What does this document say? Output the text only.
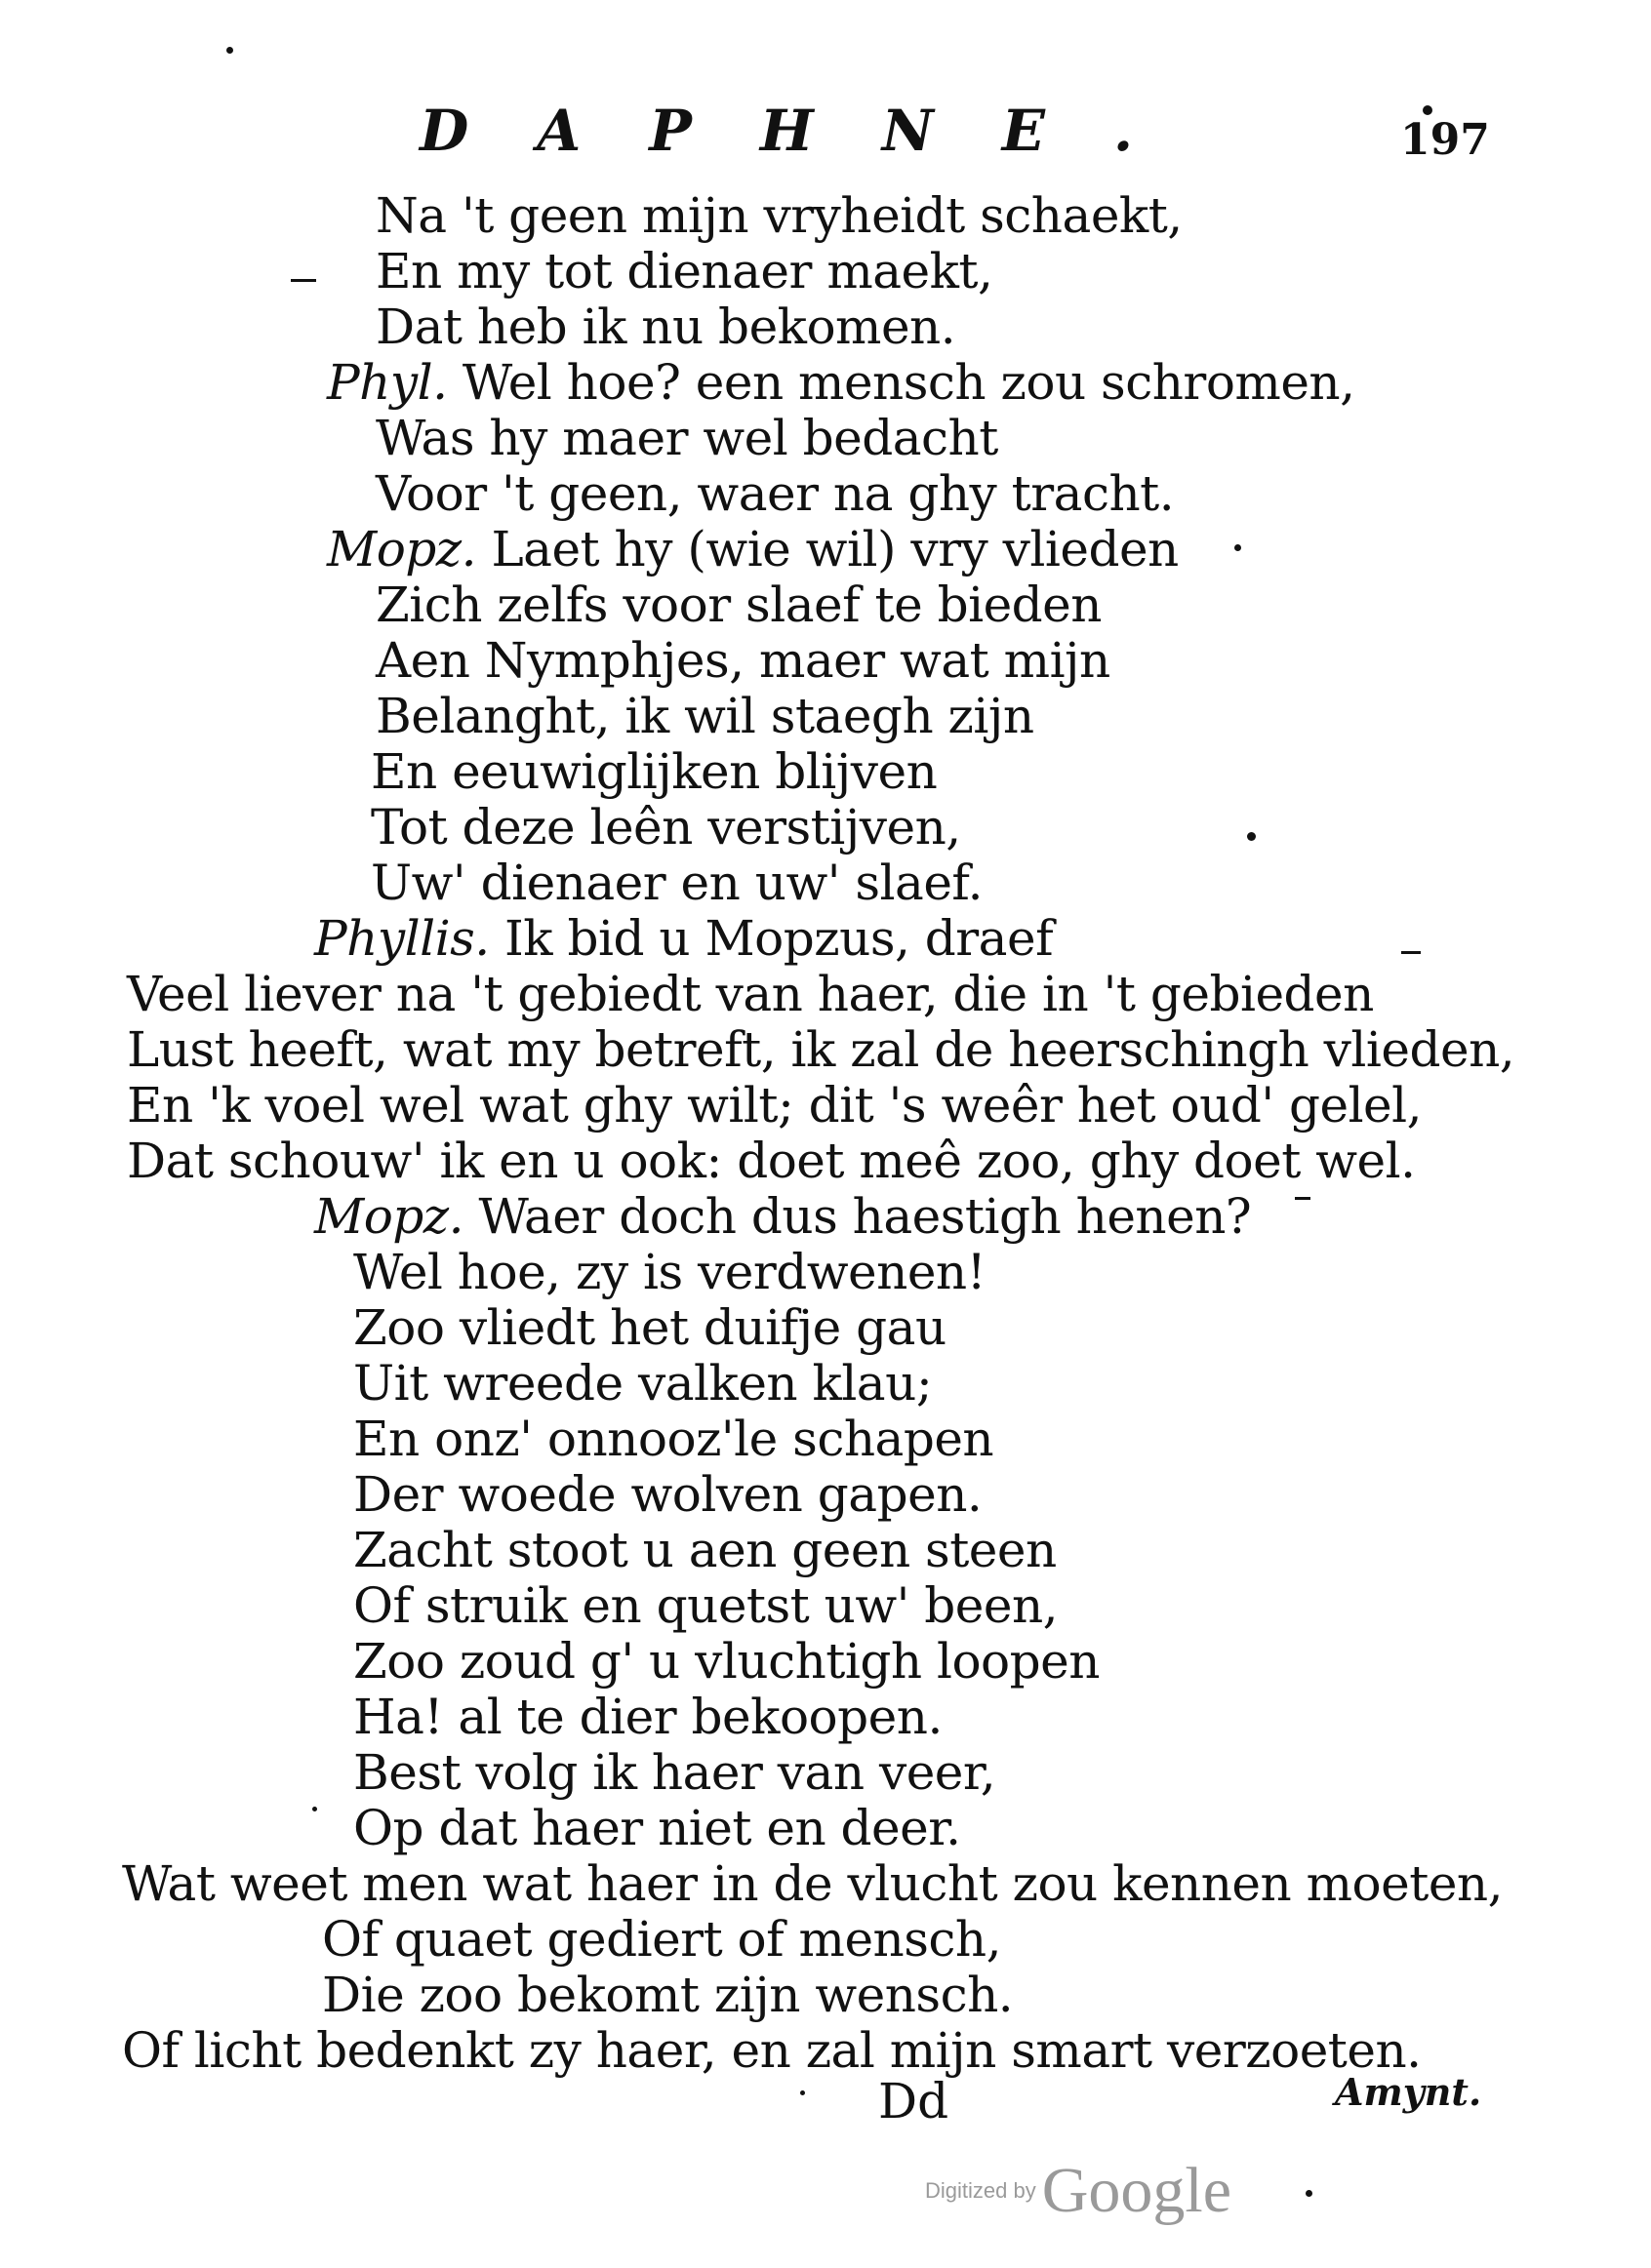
DAPHNE.	197
Na 't geen mijn vryheidt schaekt,
En my tot dienaer maekt,
Dat heb ik nu bekomen.
Phyl. Wel hoe? een mensch zou schromen,
Was hy maer wel bedacht
Voor 't geen, waer na ghy tracht.
Mopz. Laet hy (wie wil) vry vlieden
Zich zelfs voor slaef te bieden
Aen Nymphjes, maer wat mijn
Belanght, ik wil staegh zijn
En eeuwiglijken blijven
Tot deze leên verstijven,
Uw' dienaer en uw' slaef.
Phyllis. Ik bid u Mopzus, draef
Veel liever na 't gebiedt van haer, die in 't gebieden
Lust heeft, wat my betreft, ik zal de heerschingh vlieden,
En 'k voel wel wat ghy wilt; dit 's weêr het oud' gelel,
Dat schouw' ik en u ook: doet meê zoo, ghy doet wel.
Mopz. Waer doch dus haestigh henen?
Wel hoe, zy is verdwenen!
Zoo vliedt het duifje gau
Uit wreede valken klau;
En onz' onnooz'le schapen
Der woede wolven gapen.
Zacht stoot u aen geen steen
Of struik en quetst uw' been,
Zoo zoud g' u vluchtigh loopen
Ha! al te dier bekoopen.
Best volg ik haer van veer,
Op dat haer niet en deer.
Wat weet men wat haer in de vlucht zou kennen moeten,
Of quaet gediert of mensch,
Die zoo bekomt zijn wensch.
Of licht bedenkt zy haer, en zal mijn smart verzoeten.
Dd	Amynt.
Digitized byGoogle
